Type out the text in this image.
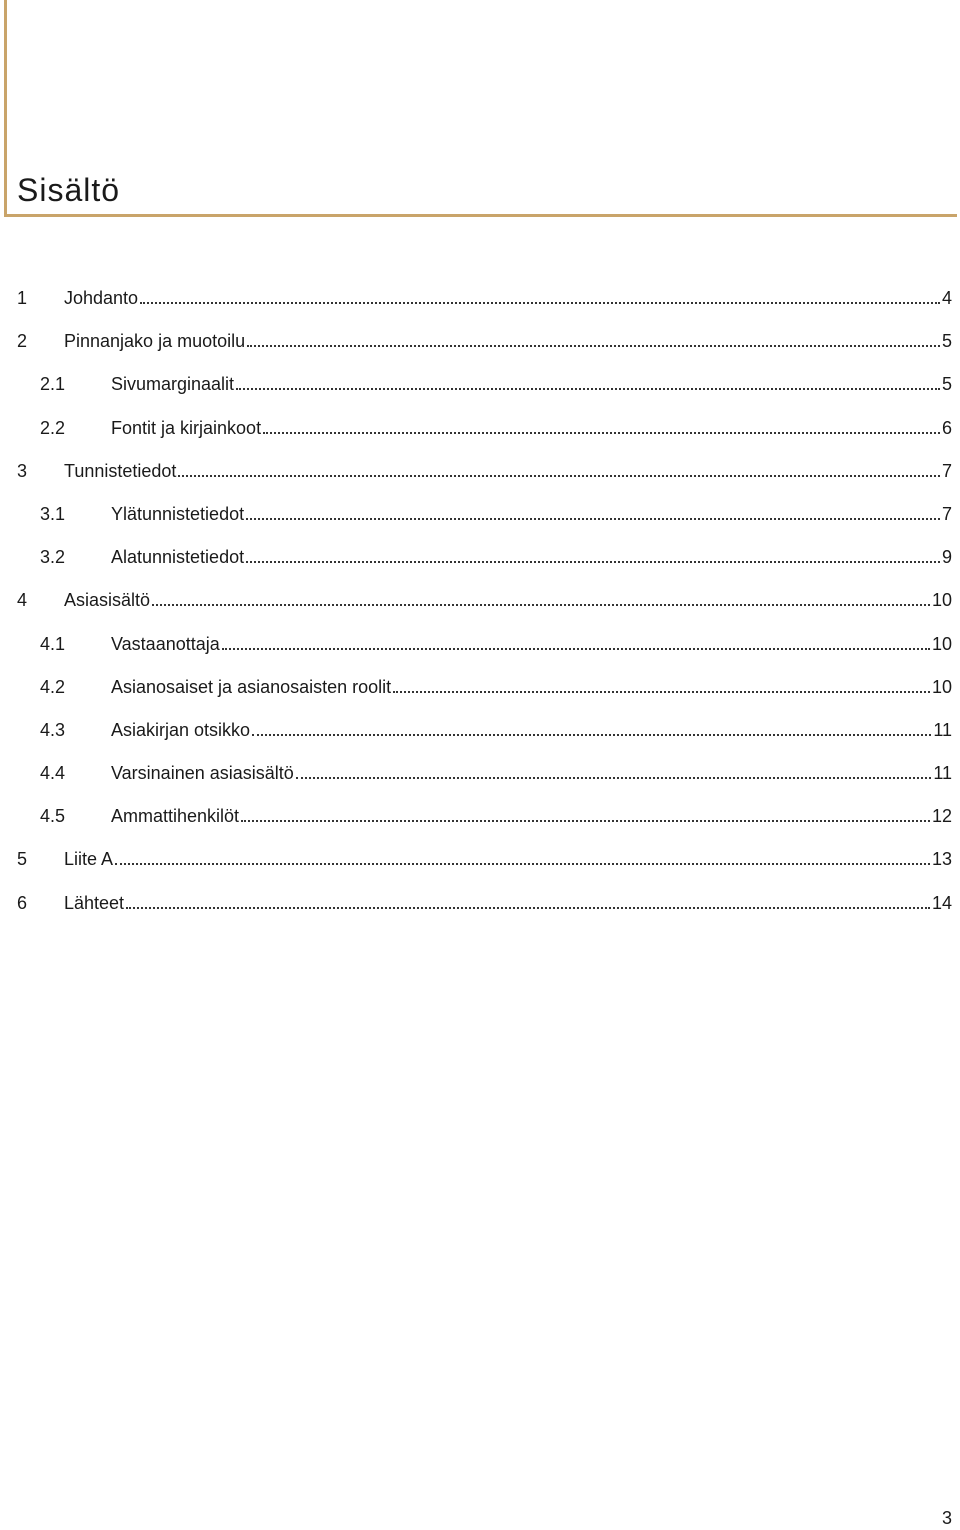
Sisältö
1 Johdanto	4
2 Pinnanjako ja muotoilu	5
2.1	Sivumarginaalit	5
2.2	Fontit ja kirjainkoot	6
3 Tunnistetiedot	7
3.1	Ylätunnistetiedot	7
3.2	Alatunnistetiedot	9
4 Asiasisältö	10
4.1	Vastaanottaja	10
4.2	Asianosaiset ja asianosaisten roolit	10
4.3	Asiakirjan otsikko	11
4.4	Varsinainen asiasisältö	11
4.5	Ammattihenkilöt	12
5 Liite A	13
6 Lähteet	14
3
